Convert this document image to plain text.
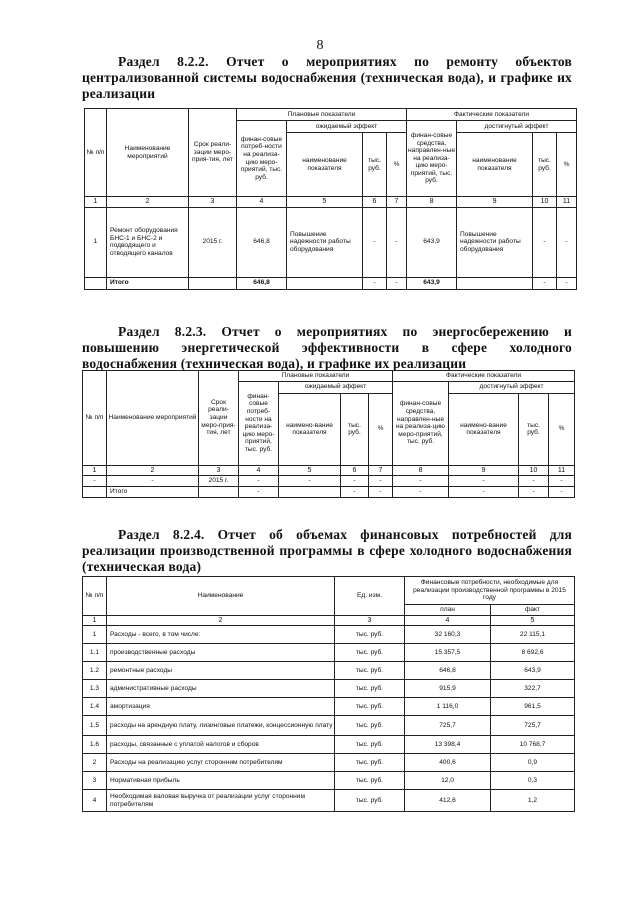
8
Раздел 8.2.2. Отчет о мероприятиях по ремонту объектов централизованной системы водоснабжения (техническая вода), и графике их реализации
№ п/п	Наименование мероприятий	Срок реали-зации меро-прия-тия, лет	Плановые показатели				Фактические показатели			
			финан-совые потреб-ности на реализа-цию меро-приятий, тыс. руб.	ожидаемый эффект			финан-совые средства, направлен-ные на реализа-цию меро-приятий, тыс. руб.	достигнутый эффект		
				наименование показателя	тыс. руб.	%		наименование показателя	тыс. руб.	%
1	2	3	4	5	6	7	8	9	10	11
1	Ремонт оборудования БНС-1 и БНС-2 и подводящего и отводящего каналов	2015 г.	646,8	Повышение надежности работы оборудования	-	-	643,9	Повышение надежности работы оборудования	-	-
	Итого		646,8		-	-	643,9		-	-
Раздел 8.2.3. Отчет о мероприятиях по энергосбережению и повышению энергетической эффективности в сфере холодного водоснабжения (техническая вода), и графике их реализации
№ п/п	Наименование мероприятий	Срок реали-зации меро-прия-тия, лет	Плановые показатели				Фактические показатели			
			финан-совые потреб-ности на реализа-цию меро-приятий, тыс. руб.	ожидаемый эффект			финан-совые средства, направлен-ные на реализа-цию меро-приятий, тыс. руб.	достигнутый эффект		
				наимено-вание показателя	тыс. руб.	%		наимено-вание показателя	тыс. руб.	%
1	2	3	4	5	6	7	8	9	10	11
-	-	2015 г.	-	-	-	-	-	-	-	-
	Итого		-		-	-	-	-	-	-
Раздел 8.2.4. Отчет об объемах финансовых потребностей для реализации производственной программы в сфере холодного водоснабжения (техническая вода)
№ п/п	Наименование	Ед. изм.	Финансовые потребности, необходимые для реализации производственной программы в 2015 году	
			план	факт
1	2	3	4	5
1	Расходы - всего, в том числе:	тыс. руб.	32 160,3	22 115,1
1.1	производственные расходы	тыс. руб.	15 357,5	8 692,6
1.2	ремонтные расходы	тыс. руб.	646,8	643,9
1.3	административные расходы	тыс. руб.	915,9	322,7
1.4	амортизация	тыс. руб.	1 116,0	961,5
1.5	расходы на арендную плату, лизинговые платежи, концессионную плату	тыс. руб.	725,7	725,7
1.6	расходы, связанные с уплатой налогов и сборов	тыс. руб.	13 398,4	10 768,7
2	Расходы на реализацию услуг сторонним потребителям	тыс. руб.	400,6	0,9
3	Нормативная прибыль	тыс. руб.	12,0	0,3
4	Необходимая валовая выручка от реализации услуг сторонним потребителям	тыс. руб.	412,6	1,2
